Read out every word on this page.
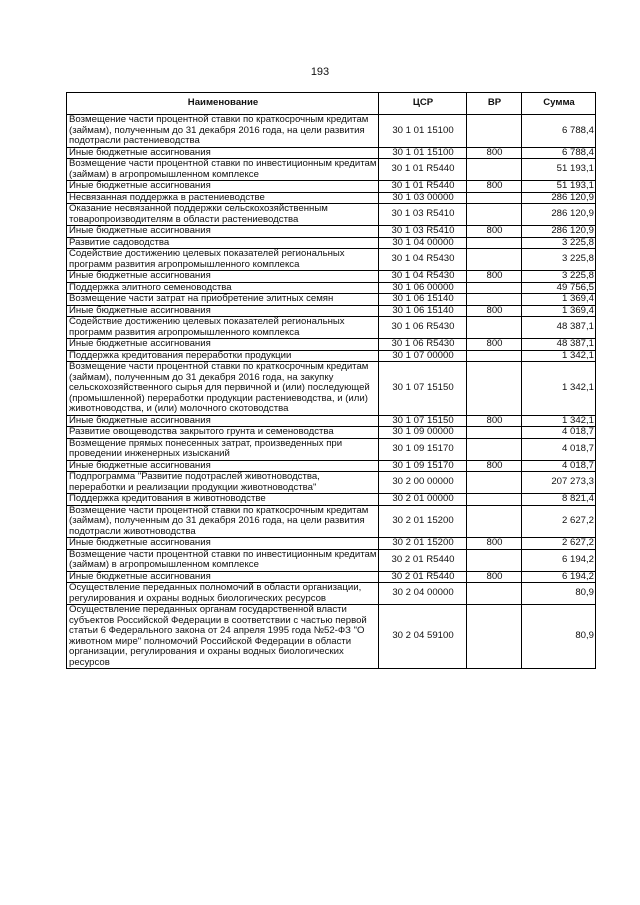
193
Наименование	ЦСР	ВР	Сумма
Возмещение части процентной ставки по краткосрочным кредитам (займам), полученным до 31 декабря 2016 года, на цели развития подотрасли растениеводства	30 1 01 15100		6 788,4
Иные бюджетные ассигнования	30 1 01 15100	800	6 788,4
Возмещение части процентной ставки по инвестиционным кредитам (займам) в агропромышленном комплексе	30 1 01 R5440		51 193,1
Иные бюджетные ассигнования	30 1 01 R5440	800	51 193,1
Несвязанная поддержка в растениеводстве	30 1 03 00000		286 120,9
Оказание несвязанной поддержки сельскохозяйственным товаропроизводителям в области растениеводства	30 1 03 R5410		286 120,9
Иные бюджетные ассигнования	30 1 03 R5410	800	286 120,9
Развитие садоводства	30 1 04 00000		3 225,8
Содействие достижению целевых показателей региональных программ развития агропромышленного комплекса	30 1 04 R5430		3 225,8
Иные бюджетные ассигнования	30 1 04 R5430	800	3 225,8
Поддержка элитного семеноводства	30 1 06 00000		49 756,5
Возмещение части затрат на приобретение элитных семян	30 1 06 15140		1 369,4
Иные бюджетные ассигнования	30 1 06 15140	800	1 369,4
Содействие достижению целевых показателей региональных программ развития агропромышленного комплекса	30 1 06 R5430		48 387,1
Иные бюджетные ассигнования	30 1 06 R5430	800	48 387,1
Поддержка кредитования переработки продукции	30 1 07 00000		1 342,1
Возмещение части процентной ставки по краткосрочным кредитам (займам), полученным до 31 декабря 2016 года, на закупку сельскохозяйственного сырья для первичной и (или) последующей (промышленной) переработки продукции растениеводства, и (или) животноводства, и (или) молочного скотоводства	30 1 07 15150		1 342,1
Иные бюджетные ассигнования	30 1 07 15150	800	1 342,1
Развитие овощеводства закрытого грунта и семеноводства	30 1 09 00000		4 018,7
Возмещение прямых понесенных затрат, произведенных при проведении инженерных изысканий	30 1 09 15170		4 018,7
Иные бюджетные ассигнования	30 1 09 15170	800	4 018,7
Подпрограмма "Развитие подотраслей животноводства, переработки и реализации продукции животноводства"	30 2 00 00000		207 273,3
Поддержка кредитования в животноводстве	30 2 01 00000		8 821,4
Возмещение части процентной ставки по краткосрочным кредитам (займам), полученным до 31 декабря 2016 года, на цели развития подотрасли животноводства	30 2 01 15200		2 627,2
Иные бюджетные ассигнования	30 2 01 15200	800	2 627,2
Возмещение части процентной ставки по инвестиционным кредитам (займам) в агропромышленном комплексе	30 2 01 R5440		6 194,2
Иные бюджетные ассигнования	30 2 01 R5440	800	6 194,2
Осуществление переданных полномочий в области организации, регулирования и охраны водных биологических ресурсов	30 2 04 00000		80,9
Осуществление переданных органам государственной власти субъектов Российской Федерации в соответствии с частью первой статьи 6 Федерального закона от 24 апреля 1995 года №52-ФЗ "О животном мире" полномочий Российской Федерации в области организации, регулирования и охраны водных биологических ресурсов	30 2 04 59100		80,9
